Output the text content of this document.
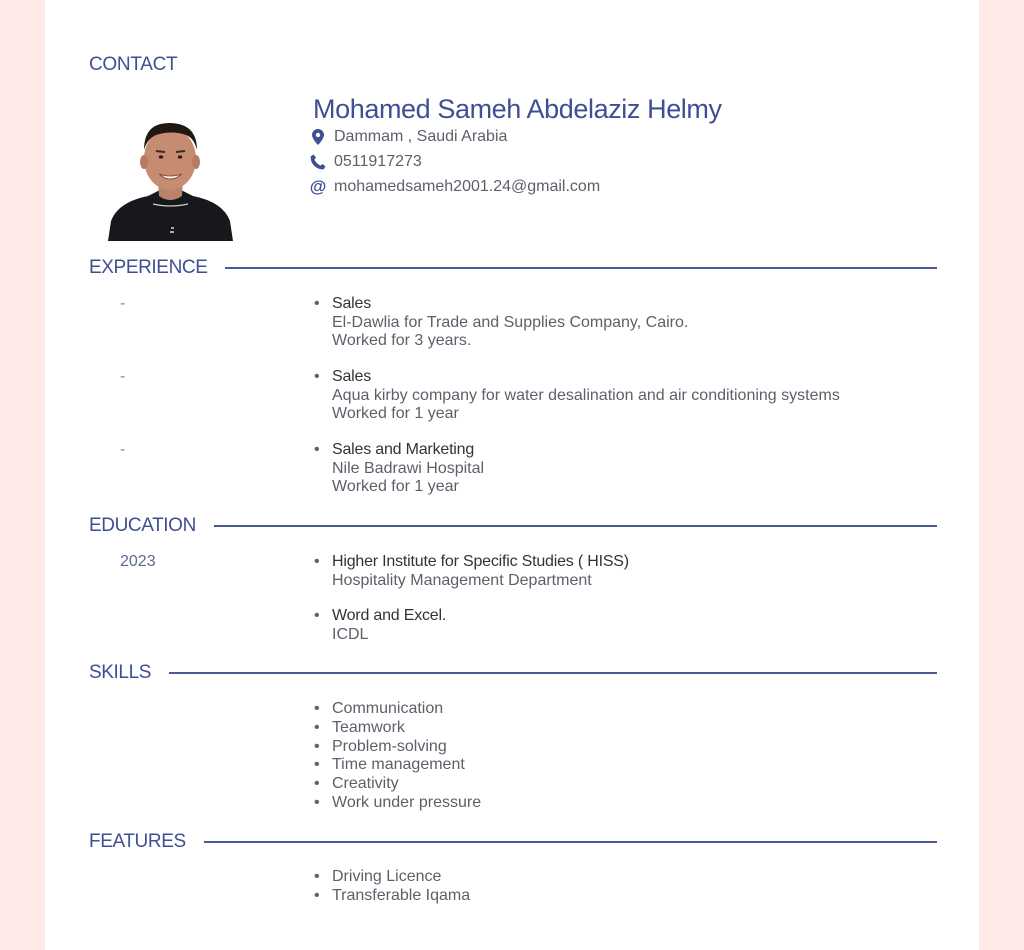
CONTACT
Mohamed Sameh Abdelaziz Helmy
Dammam , Saudi Arabia
0511917273
@ mohamedsameh2001.24@gmail.com
EXPERIENCE
-	• Sales
El-Dawlia for Trade and Supplies Company, Cairo.
Worked for 3 years.
-	• Sales
Aqua kirby company for water desalination and air conditioning systems
Worked for 1 year
-	• Sales and Marketing
Nile Badrawi Hospital
Worked for 1 year
EDUCATION
2023	• Higher Institute for Specific Studies ( HISS)
Hospitality Management Department
• Word and Excel.
ICDL
SKILLS
• Communication
• Teamwork
• Problem-solving
• Time management
• Creativity
• Work under pressure
FEATURES
• Driving Licence
• Transferable Iqama
